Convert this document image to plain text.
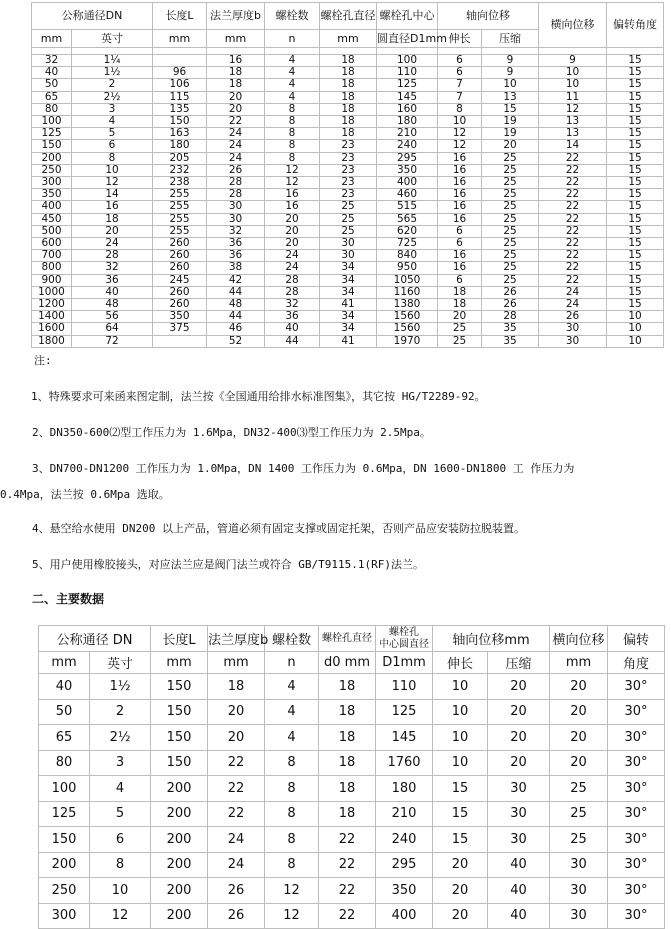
公称通径DN		长度L	法兰厚度b	螺栓数	螺栓孔直径	螺栓孔中心	轴向位移		横向位移	偏转角度
mm	英寸	mm	mm	n	mm	圆直径D1mm	伸长	压缩		

32	1¼		16	4	18	100	6	9	9	15
40	1½	96	18	4	18	110	6	9	10	15
50	2	106	18	4	18	125	7	10	10	15
65	2½	115	20	4	18	145	7	13	11	15
80	3	135	20	8	18	160	8	15	12	15
100	4	150	22	8	18	180	10	19	13	15
125	5	163	24	8	18	210	12	19	13	15
150	6	180	24	8	23	240	12	20	14	15
200	8	205	24	8	23	295	16	25	22	15
250	10	232	26	12	23	350	16	25	22	15
300	12	238	28	12	23	400	16	25	22	15
350	14	255	28	16	23	460	16	25	22	15
400	16	255	30	16	25	515	16	25	22	15
450	18	255	30	20	25	565	16	25	22	15
500	20	255	32	20	25	620	6	25	22	15
600	24	260	36	20	30	725	6	25	22	15
700	28	260	36	24	30	840	16	25	22	15
800	32	260	38	24	34	950	16	25	22	15
900	36	245	42	28	34	1050	6	25	22	15
1000	40	260	44	28	34	1160	18	26	24	15
1200	48	260	48	32	41	1380	18	26	24	15
1400	56	350	44	36	34	1560	20	28	26	10
1600	64	375	46	40	34	1560	25	35	30	10
1800	72		52	44	41	1970	25	35	30	10
注:
1、特殊要求可来函来图定制，法兰按《全国通用给排水标准图集》，其它按 HG/T2289-92。
2、DN350-600⑵型工作压力为 1.6Mpa，DN32-400⑶型工作压力为 2.5Mpa。
3、DN700-DN1200 工作压力为 1.0Mpa，DN 1400 工作压力为 0.6Mpa，DN 1600-DN1800 工 作压力为
0.4Mpa，法兰按 0.6Mpa 选取。
4、悬空给水使用 DN200 以上产品，管道必须有固定支撑或固定托架，否则产品应安装防拉脱装置。
5、用户使用橡胶接头，对应法兰应是阀门法兰或符合 GB/T9115.1(RF)法兰。
二、主要数据
公称通径 DN		长度L	法兰厚度b	螺栓数	螺栓孔直径	螺栓孔
中心圆直径	轴向位移mm		横向位移	偏转
mm	英寸	mm	mm	n	d0 mm	D1mm	伸长	压缩	mm	角度
40	1½	150	18	4	18	110	10	20	20	30°
50	2	150	20	4	18	125	10	20	20	30°
65	2½	150	20	4	18	145	10	20	20	30°
80	3	150	22	8	18	1760	10	20	20	30°
100	4	200	22	8	18	180	15	30	25	30°
125	5	200	22	8	18	210	15	30	25	30°
150	6	200	24	8	22	240	15	30	25	30°
200	8	200	24	8	22	295	20	40	30	30°
250	10	200	26	12	22	350	20	40	30	30°
300	12	200	26	12	22	400	20	40	30	30°
